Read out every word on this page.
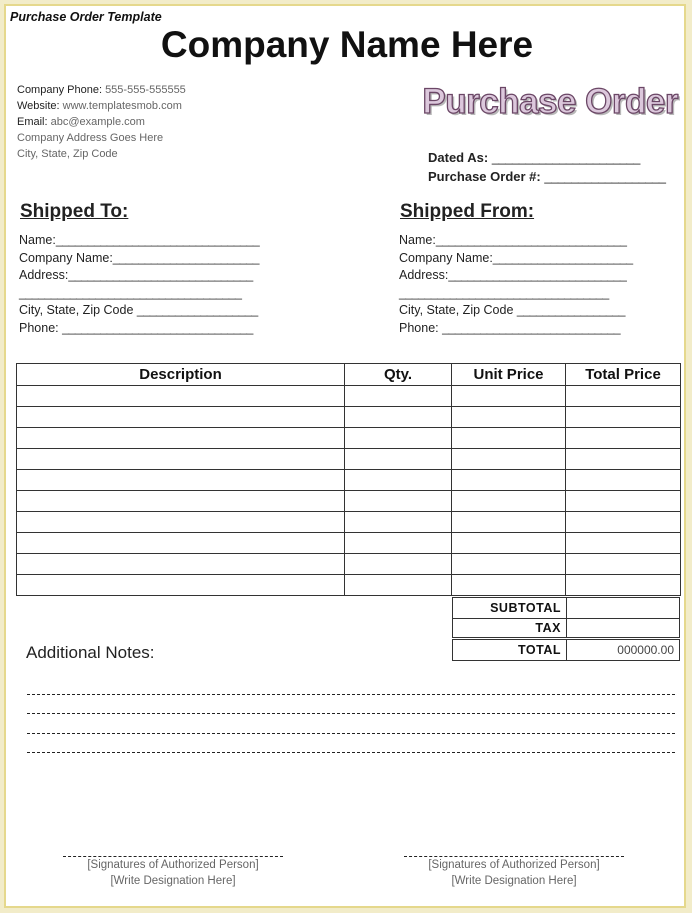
Purchase Order Template
Company Name Here
Company Phone: 555-555-555555
Website: www.templatesmob.com
Email: abc@example.com
Company Address Goes Here
City, State, Zip Code
Purchase Order
Dated As: ______________________
Purchase Order #: __________________
Shipped To:
Name:________________________________
Company Name:_______________________
Address:_____________________________
___________________________________
City, State, Zip Code ___________________
Phone: ______________________________
Shipped From:
Name:______________________________
Company Name:______________________
Address:____________________________
_________________________________
City, State, Zip Code _________________
Phone: ____________________________
Description	Qty.	Unit Price	Total Price

SUBTOTAL	
TAX	
TOTAL	000000.00
Additional Notes:
[Signatures of Authorized Person]
[Write Designation Here]
[Signatures of Authorized Person]
[Write Designation Here]
